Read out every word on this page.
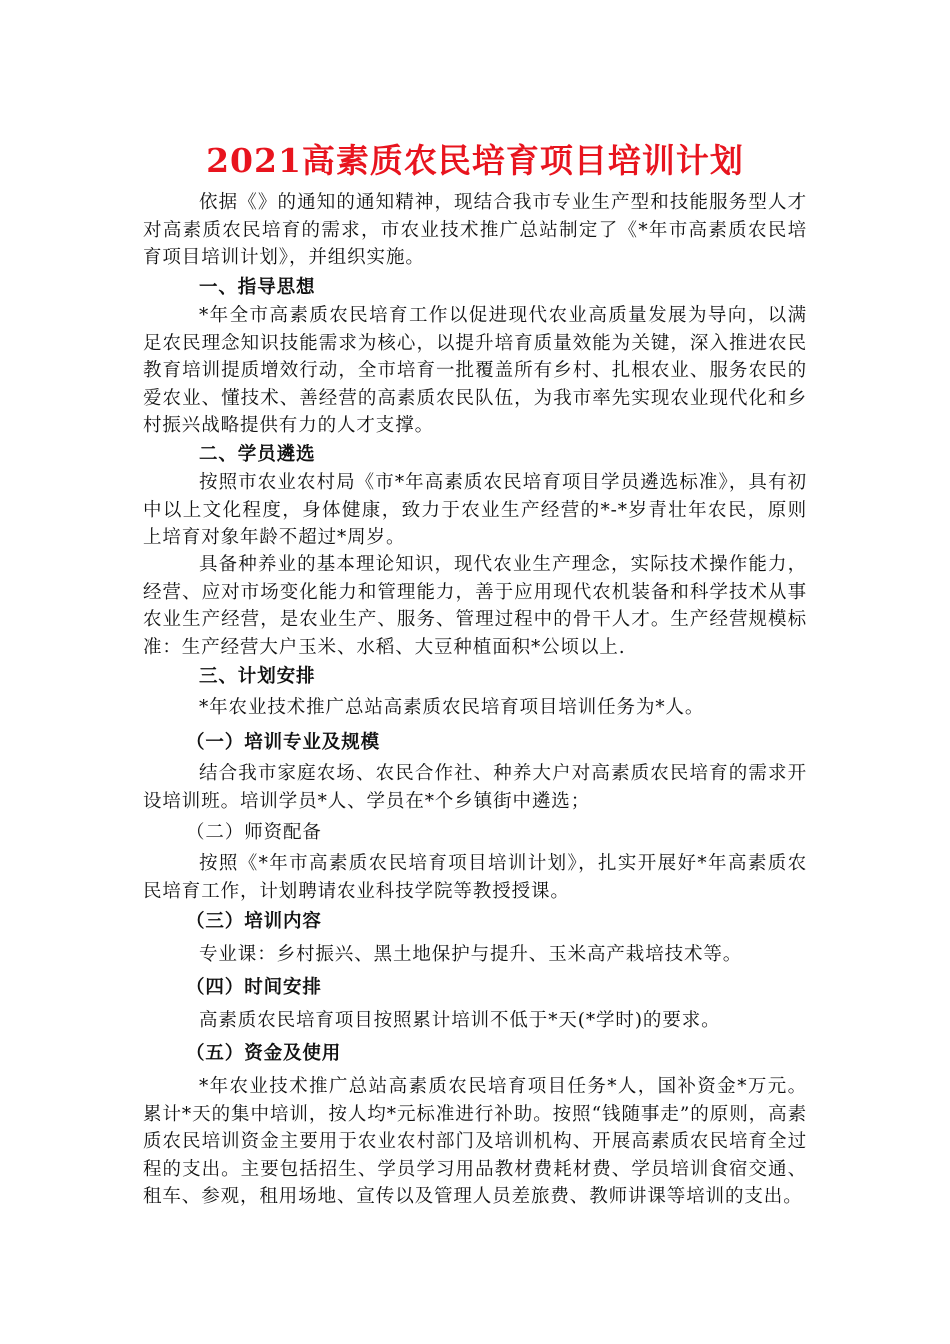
2021高素质农民培育项目培训计划

依据《》的通知的通知精神，现结合我市专业生产型和技能服务型人才对高素质农民培育的需求，市农业技术推广总站制定了《*年市高素质农民培育项目培训计划》，并组织实施。

一、指导思想

*年全市高素质农民培育工作以促进现代农业高质量发展为导向，以满足农民理念知识技能需求为核心，以提升培育质量效能为关键，深入推进农民教育培训提质增效行动，全市培育一批覆盖所有乡村、扎根农业、服务农民的爱农业、懂技术、善经营的高素质农民队伍，为我市率先实现农业现代化和乡村振兴战略提供有力的人才支撑。

二、学员遴选

按照市农业农村局《市*年高素质农民培育项目学员遴选标准》，具有初中以上文化程度，身体健康，致力于农业生产经营的*-*岁青壮年农民，原则上培育对象年龄不超过*周岁。

具备种养业的基本理论知识，现代农业生产理念，实际技术操作能力，经营、应对市场变化能力和管理能力，善于应用现代农机装备和科学技术从事农业生产经营，是农业生产、服务、管理过程中的骨干人才。生产经营规模标准：生产经营大户玉米、水稻、大豆种植面积*公顷以上.

三、计划安排

*年农业技术推广总站高素质农民培育项目培训任务为*人。

（一）培训专业及规模

结合我市家庭农场、农民合作社、种养大户对高素质农民培育的需求开设培训班。培训学员*人、学员在*个乡镇街中遴选；

（二）师资配备

按照《*年市高素质农民培育项目培训计划》，扎实开展好*年高素质农民培育工作，计划聘请农业科技学院等教授授课。

（三）培训内容

专业课：乡村振兴、黑土地保护与提升、玉米高产栽培技术等。

（四）时间安排

高素质农民培育项目按照累计培训不低于*天(*学时)的要求。

（五）资金及使用

*年农业技术推广总站高素质农民培育项目任务*人，国补资金*万元。累计*天的集中培训，按人均*元标准进行补助。按照“钱随事走”的原则，高素质农民培训资金主要用于农业农村部门及培训机构、开展高素质农民培育全过程的支出。主要包括招生、学员学习用品教材费耗材费、学员培训食宿交通、租车、参观，租用场地、宣传以及管理人员差旅费、教师讲课等培训的支出。
